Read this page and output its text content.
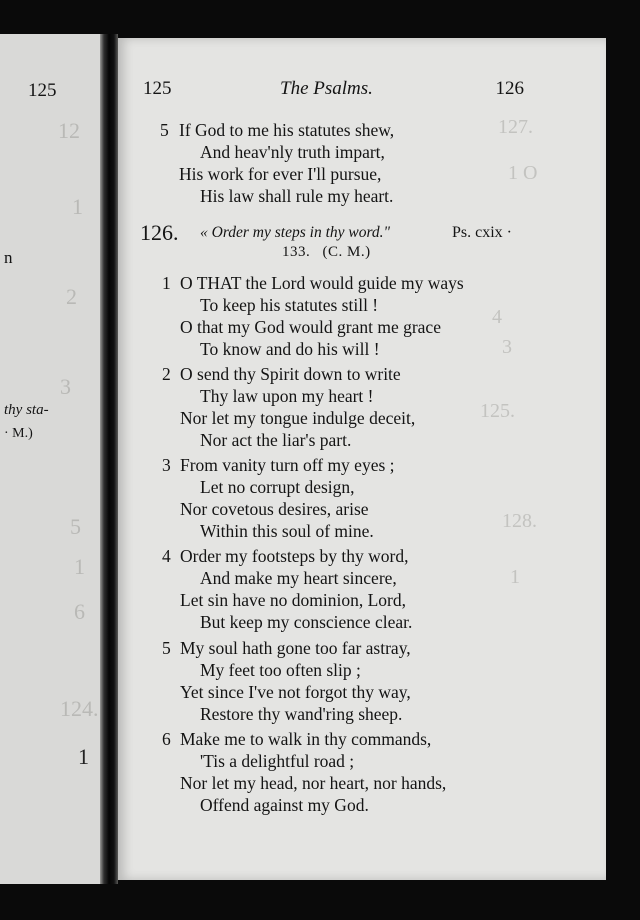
125
12
1
n
2
3
thy sta-
· M.)
5
1
6
124.
1
127.
1 O
4
3
125.
128.
1
125	The Psalms.	126
5 If God to me his statutes shew,
And heav'nly truth impart,
His work for ever I'll pursue,
His law shall rule my heart.
126. « Order my steps in thy word."	Ps. cxix ·
133. (C. M.)
1 O THAT the Lord would guide my ways
To keep his statutes still !
O that my God would grant me grace
To know and do his will !
2 O send thy Spirit down to write
Thy law upon my heart !
Nor let my tongue indulge deceit,
Nor act the liar's part.
3 From vanity turn off my eyes ;
Let no corrupt design,
Nor covetous desires, arise
Within this soul of mine.
4 Order my footsteps by thy word,
And make my heart sincere,
Let sin have no dominion, Lord,
But keep my conscience clear.
5 My soul hath gone too far astray,
My feet too often slip ;
Yet since I've not forgot thy way,
Restore thy wand'ring sheep.
6 Make me to walk in thy commands,
'Tis a delightful road ;
Nor let my head, nor heart, nor hands,
Offend against my God.
